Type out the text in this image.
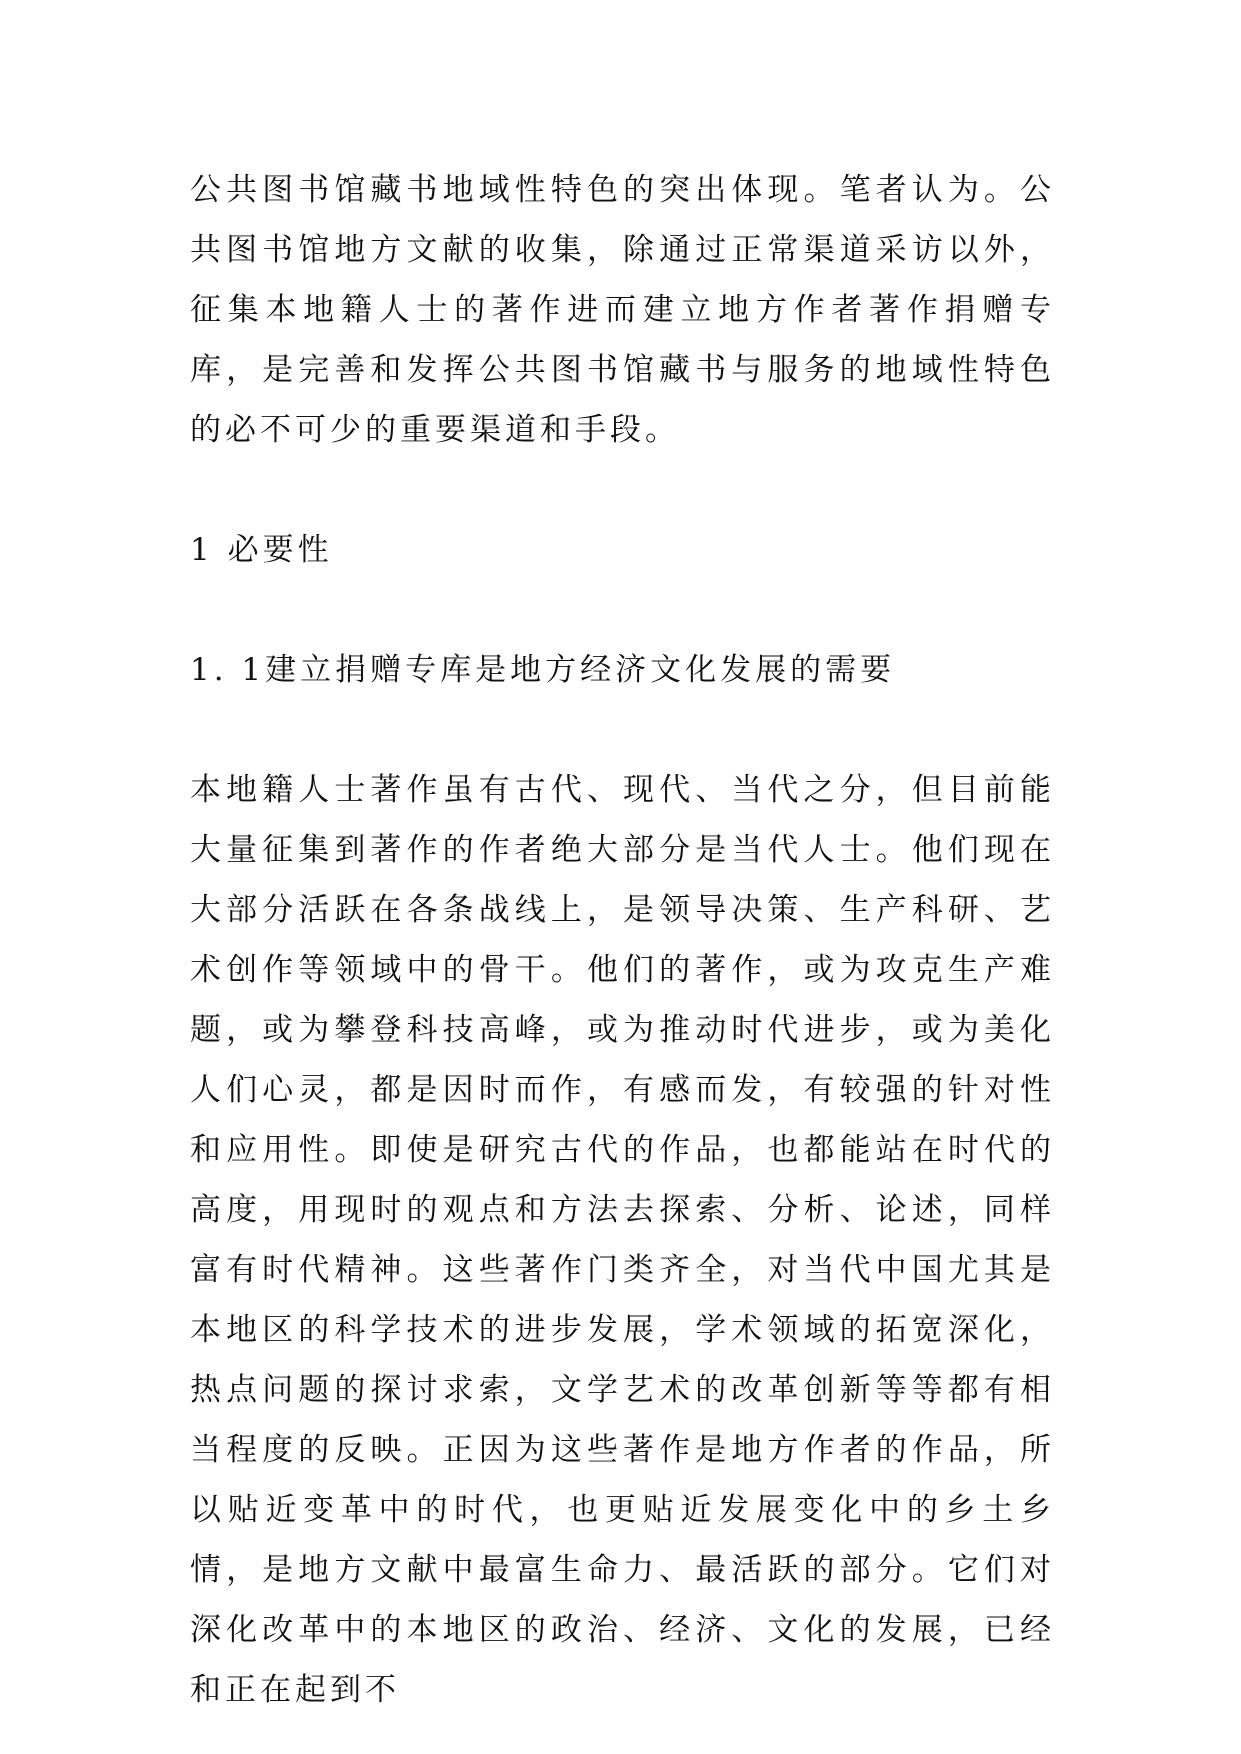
公共图书馆藏书地域性特色的突出体现。笔者认为。公共图书馆地方文献的收集，除通过正常渠道采访以外，征集本地籍人士的著作进而建立地方作者著作捐赠专库，是完善和发挥公共图书馆藏书与服务的地域性特色的必不可少的重要渠道和手段。

1 必要性
1. 1建立捐赠专库是地方经济文化发展的需要

本地籍人士著作虽有古代、现代、当代之分，但目前能大量征集到著作的作者绝大部分是当代人士。他们现在大部分活跃在各条战线上，是领导决策、生产科研、艺术创作等领域中的骨干。他们的著作，或为攻克生产难题，或为攀登科技高峰，或为推动时代进步，或为美化人们心灵，都是因时而作，有感而发，有较强的针对性和应用性。即使是研究古代的作品，也都能站在时代的高度，用现时的观点和方法去探索、分析、论述，同样富有时代精神。这些著作门类齐全，对当代中国尤其是本地区的科学技术的进步发展，学术领域的拓宽深化，热点问题的探讨求索，文学艺术的改革创新等等都有相当程度的反映。正因为这些著作是地方作者的作品，所以贴近变革中的时代，也更贴近发展变化中的乡土乡情，是地方文献中最富生命力、最活跃的部分。它们对深化改革中的本地区的政治、经济、文化的发展，已经和正在起到不
